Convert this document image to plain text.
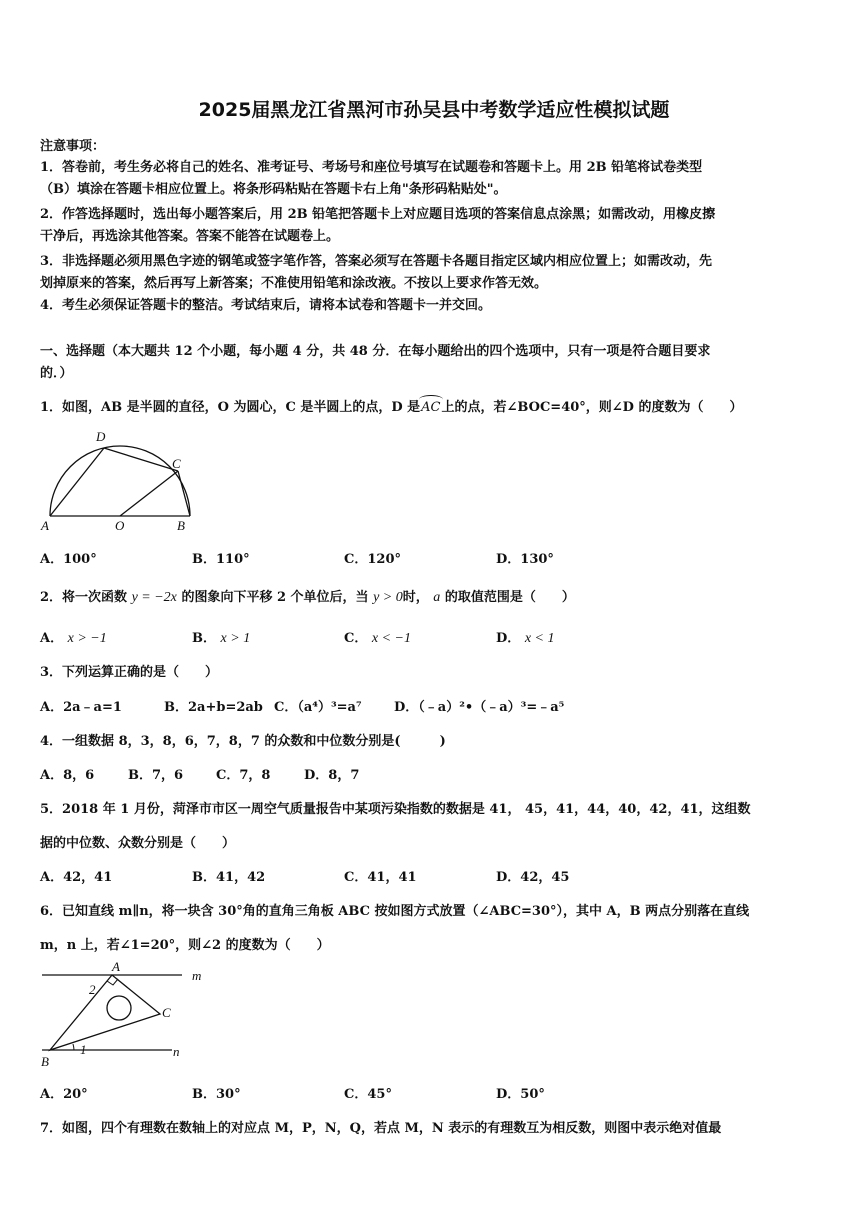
2025届黑龙江省黑河市孙吴县中考数学适应性模拟试题
注意事项：
1．答卷前，考生务必将自己的姓名、准考证号、考场号和座位号填写在试题卷和答题卡上。用 2B 铅笔将试卷类型
（B）填涂在答题卡相应位置上。将条形码粘贴在答题卡右上角"条形码粘贴处"。
2．作答选择题时，选出每小题答案后，用 2B 铅笔把答题卡上对应题目选项的答案信息点涂黑；如需改动，用橡皮擦
干净后，再选涂其他答案。答案不能答在试题卷上。
3．非选择题必须用黑色字迹的钢笔或签字笔作答，答案必须写在答题卡各题目指定区域内相应位置上；如需改动，先
划掉原来的答案，然后再写上新答案；不准使用铅笔和涂改液。不按以上要求作答无效。
4．考生必须保证答题卡的整洁。考试结束后，请将本试卷和答题卡一并交回。
一、选择题（本大题共 12 个小题，每小题 4 分，共 48 分．在每小题给出的四个选项中，只有一项是符合题目要求
的．）
1．如图，AB 是半圆的直径，O 为圆心，C 是半圆上的点，D 是AC上的点，若∠BOC=40°，则∠D 的度数为（　　）
D
C
A	O	B
A．100°	B．110°	C．120°	D．130°
2．将一次函数 y = −2x 的图象向下平移 2 个单位后，当 y > 0时， a 的取值范围是（　　）
A． x > −1	B． x > 1	C． x < −1	D． x < 1
3．下列运算正确的是（　　）
A．2a﹣a=1	B．2a+b=2ab C．（a⁴）³=a⁷ D．（﹣a）²•（﹣a）³=﹣a⁵
4．一组数据 8，3，8，6，7，8，7 的众数和中位数分别是(　　　)
A．8，6	B．7，6	C．7，8	D．8，7
5．2018 年 1 月份，菏泽市市区一周空气质量报告中某项污染指数的数据是 41， 45，41，44，40，42，41，这组数
据的中位数、众数分别是（　　）
A．42，41	B．41，42	C．41，41	D．42，45
6．已知直线 m∥n，将一块含 30°角的直角三角板 ABC 按如图方式放置（∠ABC=30°），其中 A，B 两点分别落在直线
m，n 上，若∠1=20°，则∠2 的度数为（　　）
A
m
2
C
B
1	n
A．20°	B．30°	C．45°	D．50°
7．如图，四个有理数在数轴上的对应点 M，P，N，Q，若点 M，N 表示的有理数互为相反数，则图中表示绝对值最
